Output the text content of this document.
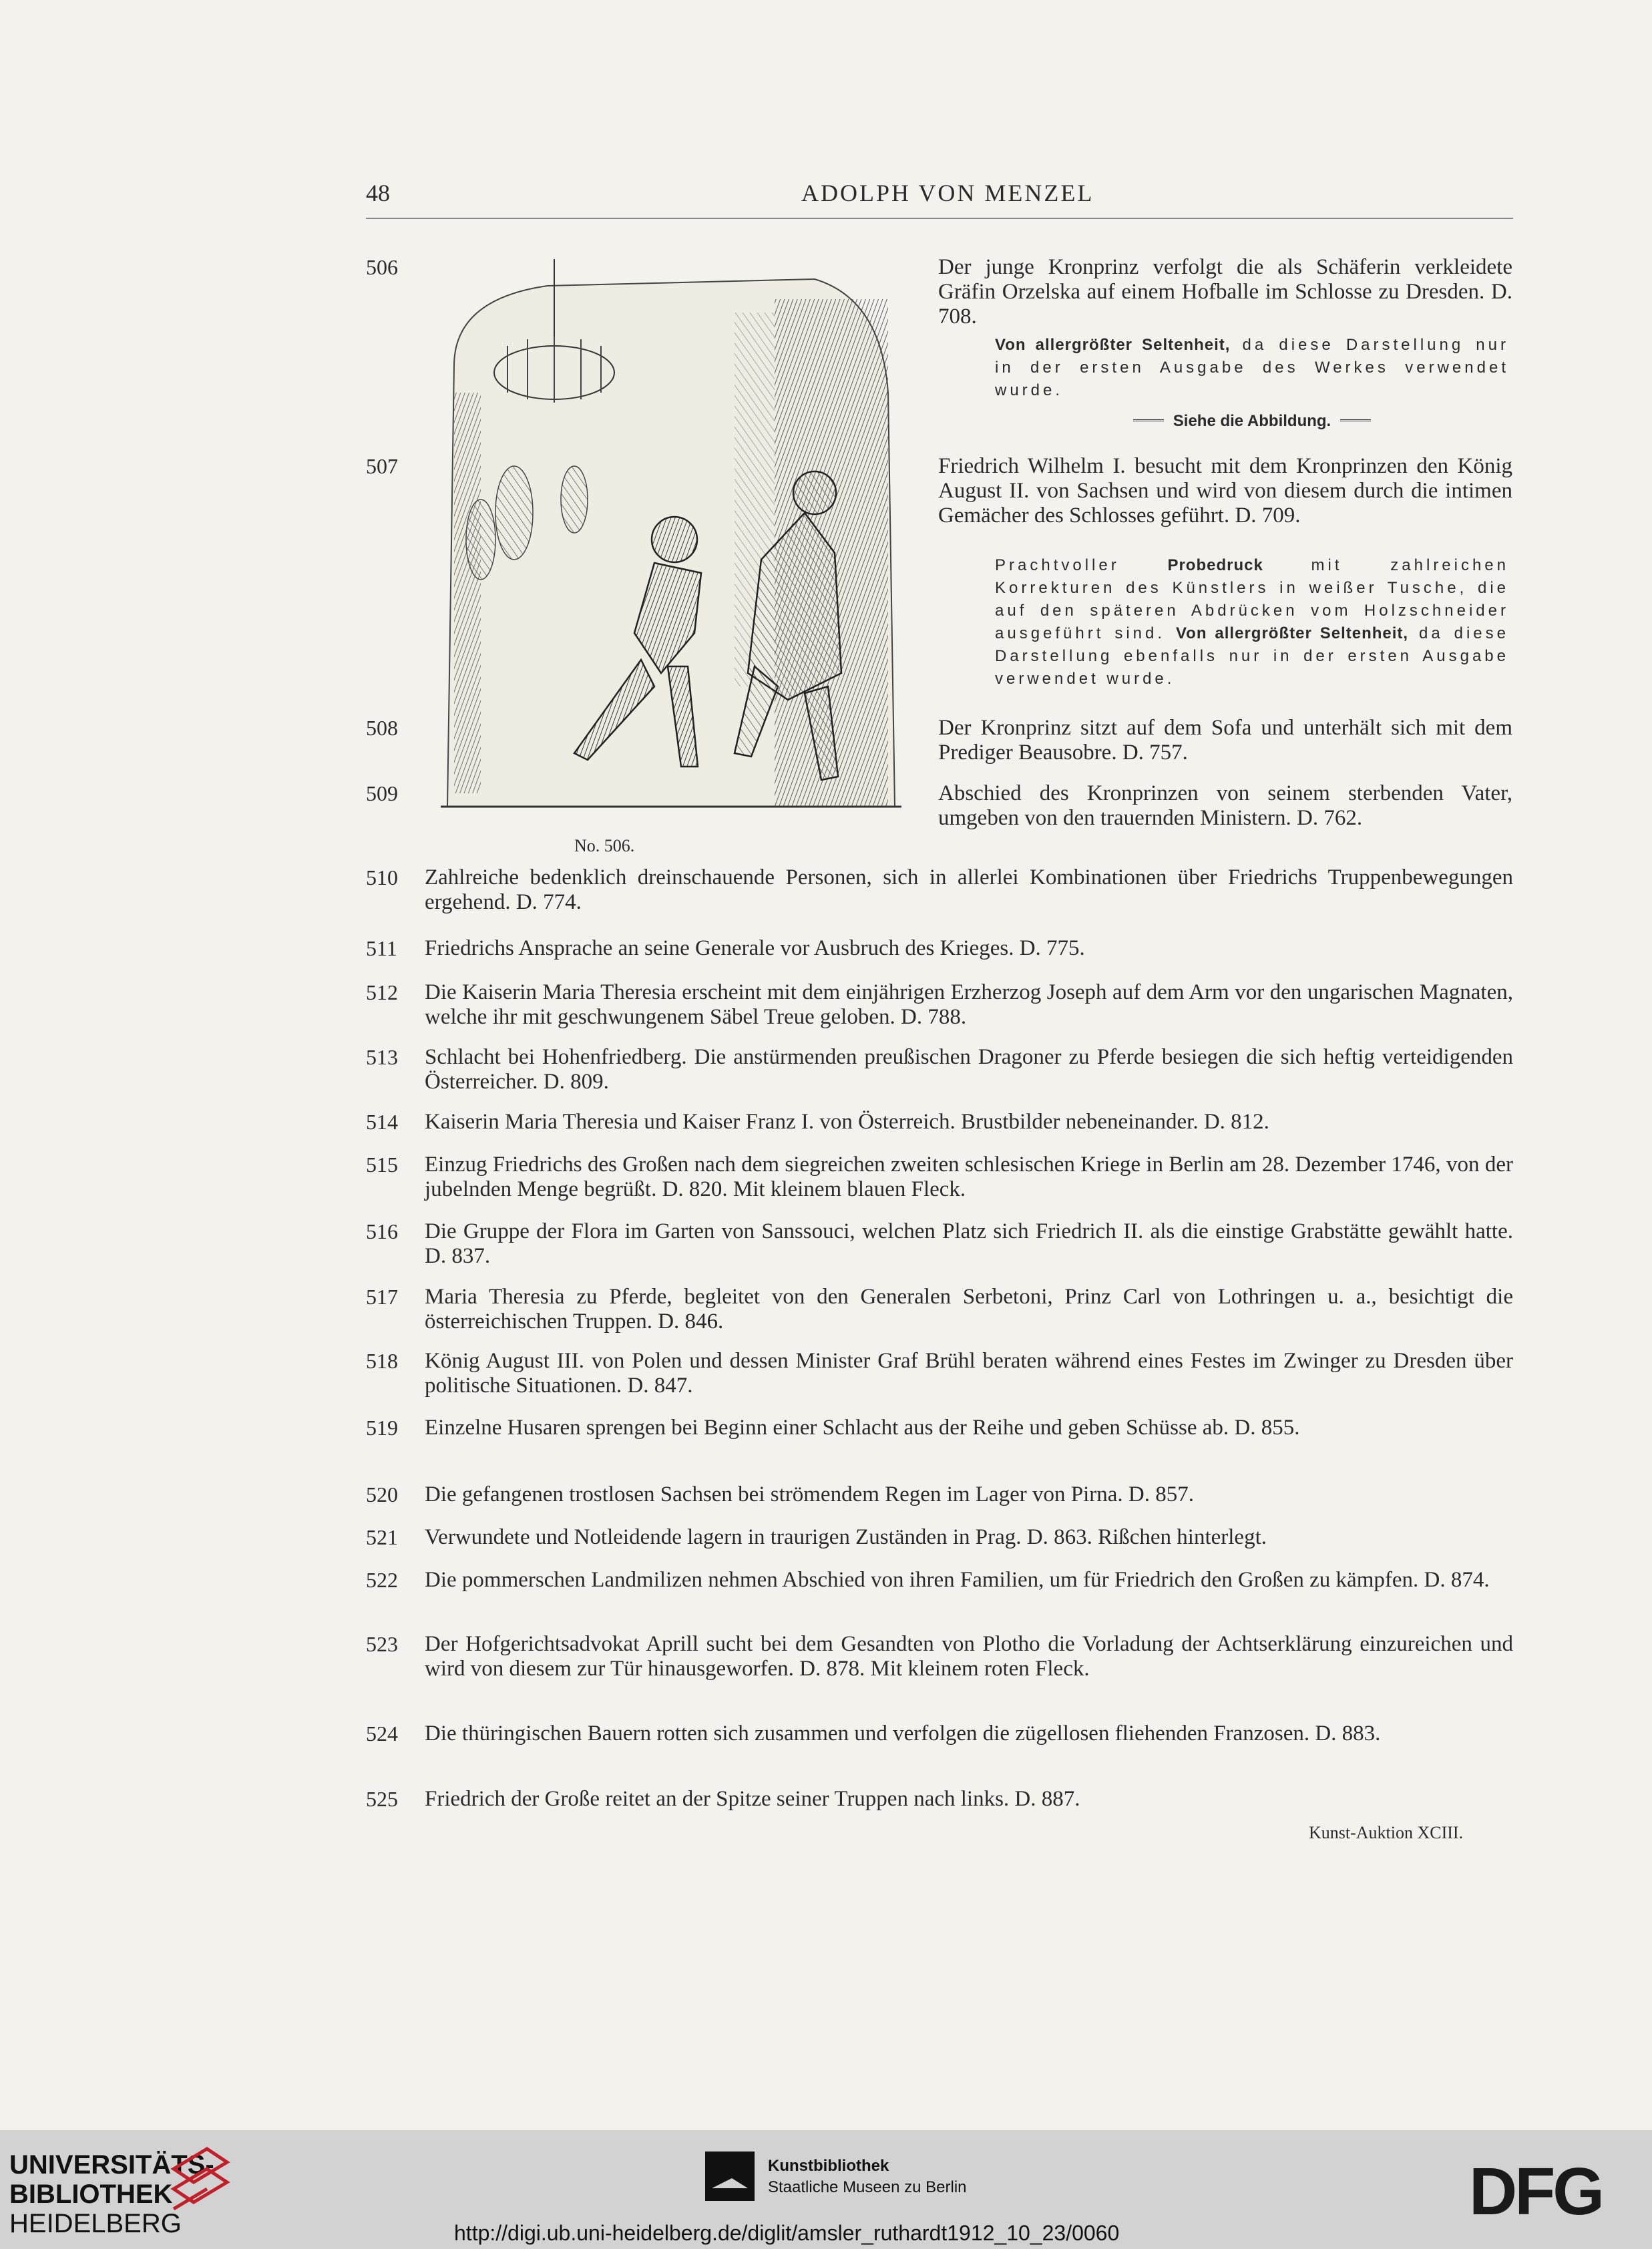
48	ADOLPH VON MENZEL
506	Der junge Kronprinz verfolgt die als Schäferin verkleidete Gräfin Orzelska auf einem Hofballe im Schlosse zu Dresden. D. 708.
Von allergrößter Seltenheit, da diese Darstellung nur in der ersten Ausgabe des Werkes verwendet wurde.
Siehe die Abbildung.
507	Friedrich Wilhelm I. besucht mit dem Kronprinzen den König August II. von Sachsen und wird von diesem durch die intimen Gemächer des Schlosses geführt. D. 709.
Prachtvoller Probedruck mit zahlreichen Korrekturen des Künstlers in weißer Tusche, die auf den späteren Abdrücken vom Holzschneider ausgeführt sind. Von allergrößter Seltenheit, da diese Darstellung ebenfalls nur in der ersten Ausgabe verwendet wurde.
508	Der Kronprinz sitzt auf dem Sofa und unterhält sich mit dem Prediger Beausobre. D. 757.
509	Abschied des Kronprinzen von seinem sterbenden Vater, umgeben von den trauernden Ministern. D. 762.
No. 506.
510 Zahlreiche bedenklich dreinschauende Personen, sich in allerlei Kombinationen über Friedrichs Truppenbewegungen ergehend. D. 774.
511 Friedrichs Ansprache an seine Generale vor Ausbruch des Krieges. D. 775.
512 Die Kaiserin Maria Theresia erscheint mit dem einjährigen Erzherzog Joseph auf dem Arm vor den ungarischen Magnaten, welche ihr mit geschwungenem Säbel Treue geloben. D. 788.
513 Schlacht bei Hohenfriedberg. Die anstürmenden preußischen Dragoner zu Pferde besiegen die sich heftig verteidigenden Österreicher. D. 809.
514 Kaiserin Maria Theresia und Kaiser Franz I. von Österreich. Brustbilder nebeneinander. D. 812.
515 Einzug Friedrichs des Großen nach dem siegreichen zweiten schlesischen Kriege in Berlin am 28. Dezember 1746, von der jubelnden Menge begrüßt. D. 820. Mit kleinem blauen Fleck.
516 Die Gruppe der Flora im Garten von Sanssouci, welchen Platz sich Friedrich II. als die einstige Grabstätte gewählt hatte. D. 837.
517 Maria Theresia zu Pferde, begleitet von den Generalen Serbetoni, Prinz Carl von Lothringen u. a., besichtigt die österreichischen Truppen. D. 846.
518 König August III. von Polen und dessen Minister Graf Brühl beraten während eines Festes im Zwinger zu Dresden über politische Situationen. D. 847.
519 Einzelne Husaren sprengen bei Beginn einer Schlacht aus der Reihe und geben Schüsse ab. D. 855.
520 Die gefangenen trostlosen Sachsen bei strömendem Regen im Lager von Pirna. D. 857.
521 Verwundete und Notleidende lagern in traurigen Zuständen in Prag. D. 863. Rißchen hinterlegt.
522 Die pommerschen Landmilizen nehmen Abschied von ihren Familien, um für Friedrich den Großen zu kämpfen. D. 874.
523 Der Hofgerichtsadvokat Aprill sucht bei dem Gesandten von Plotho die Vorladung der Achtserklärung einzureichen und wird von diesem zur Tür hinausgeworfen. D. 878. Mit kleinem roten Fleck.
524 Die thüringischen Bauern rotten sich zusammen und verfolgen die zügellosen fliehenden Franzosen. D. 883.
525 Friedrich der Große reitet an der Spitze seiner Truppen nach links. D. 887.
Kunst-Auktion XCIII.
UNIVERSITÄTS-
BIBLIOTHEK
HEIDELBERG
Kunstbibliothek
Staatliche Museen zu Berlin	DFG
http://digi.ub.uni-heidelberg.de/diglit/amsler_ruthardt1912_10_23/0060
